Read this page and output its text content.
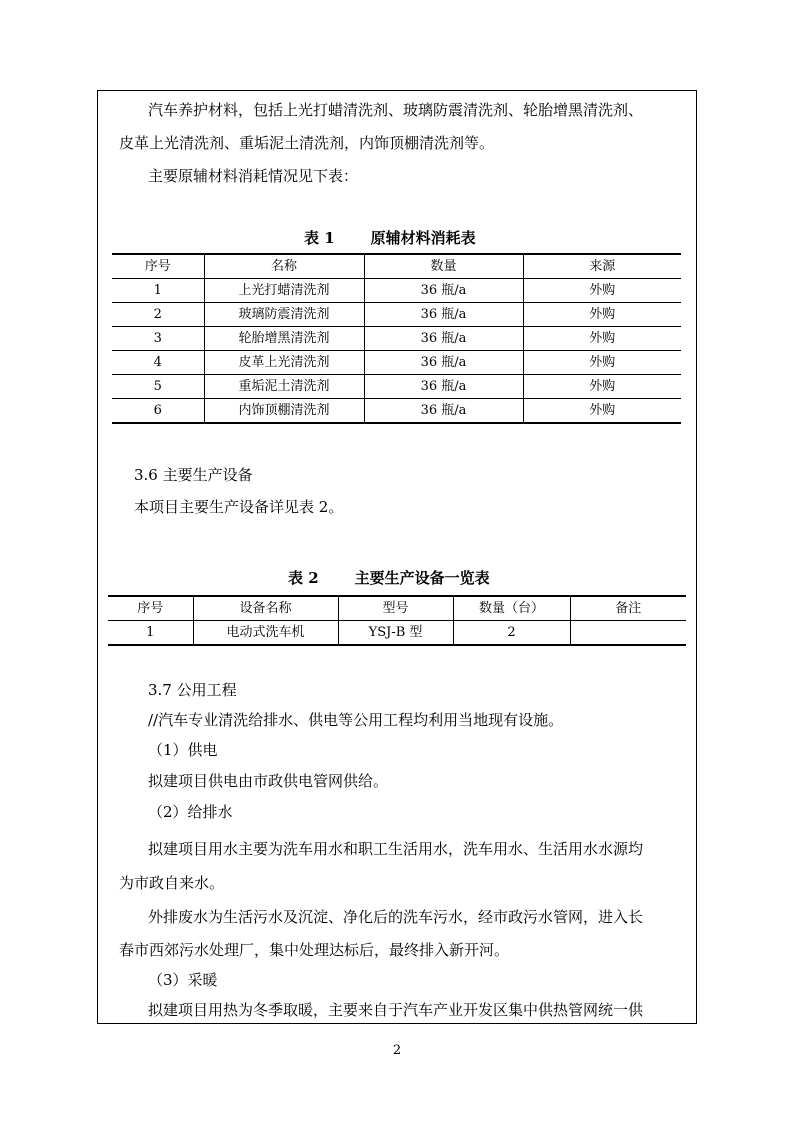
汽车养护材料，包括上光打蜡清洗剂、玻璃防震清洗剂、轮胎增黑清洗剂、
皮革上光清洗剂、重垢泥土清洗剂，内饰顶棚清洗剂等。
主要原辅材料消耗情况见下表：
表 1 原辅材料消耗表
序号	名称	数量	来源
1	上光打蜡清洗剂	36 瓶/a	外购
2	玻璃防震清洗剂	36 瓶/a	外购
3	轮胎增黑清洗剂	36 瓶/a	外购
4	皮革上光清洗剂	36 瓶/a	外购
5	重垢泥土清洗剂	36 瓶/a	外购
6	内饰顶棚清洗剂	36 瓶/a	外购
3.6 主要生产设备
本项目主要生产设备详见表 2。
表 2 主要生产设备一览表
序号	设备名称	型号	数量（台）	备注
1	电动式洗车机	YSJ-B 型	2	
3.7 公用工程
//汽车专业清洗给排水、供电等公用工程均利用当地现有设施。
（1）供电
拟建项目供电由市政供电管网供给。
（2）给排水
拟建项目用水主要为洗车用水和职工生活用水，洗车用水、生活用水水源均
为市政自来水。
外排废水为生活污水及沉淀、净化后的洗车污水，经市政污水管网，进入长
春市西郊污水处理厂，集中处理达标后，最终排入新开河。
（3）采暖
拟建项目用热为冬季取暖，主要来自于汽车产业开发区集中供热管网统一供
2
